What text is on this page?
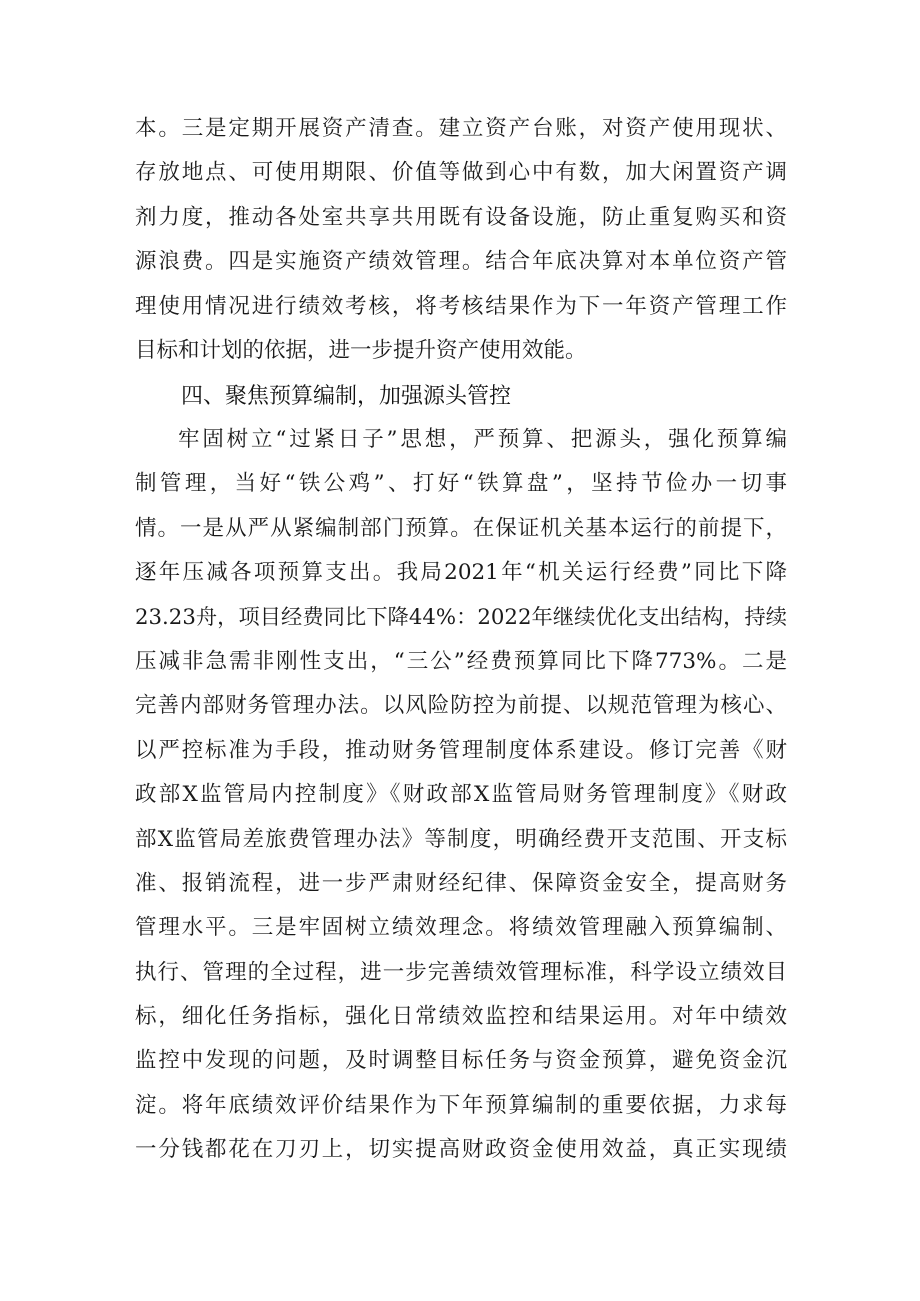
本。三是定期开展资产清查。建立资产台账，对资产使用现状、
存放地点、可使用期限、价值等做到心中有数，加大闲置资产调
剂力度，推动各处室共享共用既有设备设施，防止重复购买和资
源浪费。四是实施资产绩效管理。结合年底决算对本单位资产管
理使用情况进行绩效考核，将考核结果作为下一年资产管理工作
目标和计划的依据，进一步提升资产使用效能。
四、聚焦预算编制，加强源头管控
牢固树立“过紧日子”思想，严预算、把源头，强化预算编
制管理，当好“铁公鸡”、打好“铁算盘”，坚持节俭办一切事
情。一是从严从紧编制部门预算。在保证机关基本运行的前提下，
逐年压减各项预算支出。我局2021年“机关运行经费”同比下降
23.23舟，项目经费同比下降44%：2022年继续优化支出结构，持续
压减非急需非刚性支出，“三公”经费预算同比下降773%。二是
完善内部财务管理办法。以风险防控为前提、以规范管理为核心、
以严控标准为手段，推动财务管理制度体系建设。修订完善《财
政部X监管局内控制度》《财政部X监管局财务管理制度》《财政
部X监管局差旅费管理办法》等制度，明确经费开支范围、开支标
准、报销流程，进一步严肃财经纪律、保障资金安全，提高财务
管理水平。三是牢固树立绩效理念。将绩效管理融入预算编制、
执行、管理的全过程，进一步完善绩效管理标准，科学设立绩效目
标，细化任务指标，强化日常绩效监控和结果运用。对年中绩效
监控中发现的问题，及时调整目标任务与资金预算，避免资金沉
淀。将年底绩效评价结果作为下年预算编制的重要依据，力求每
一分钱都花在刀刃上，切实提高财政资金使用效益，真正实现绩
